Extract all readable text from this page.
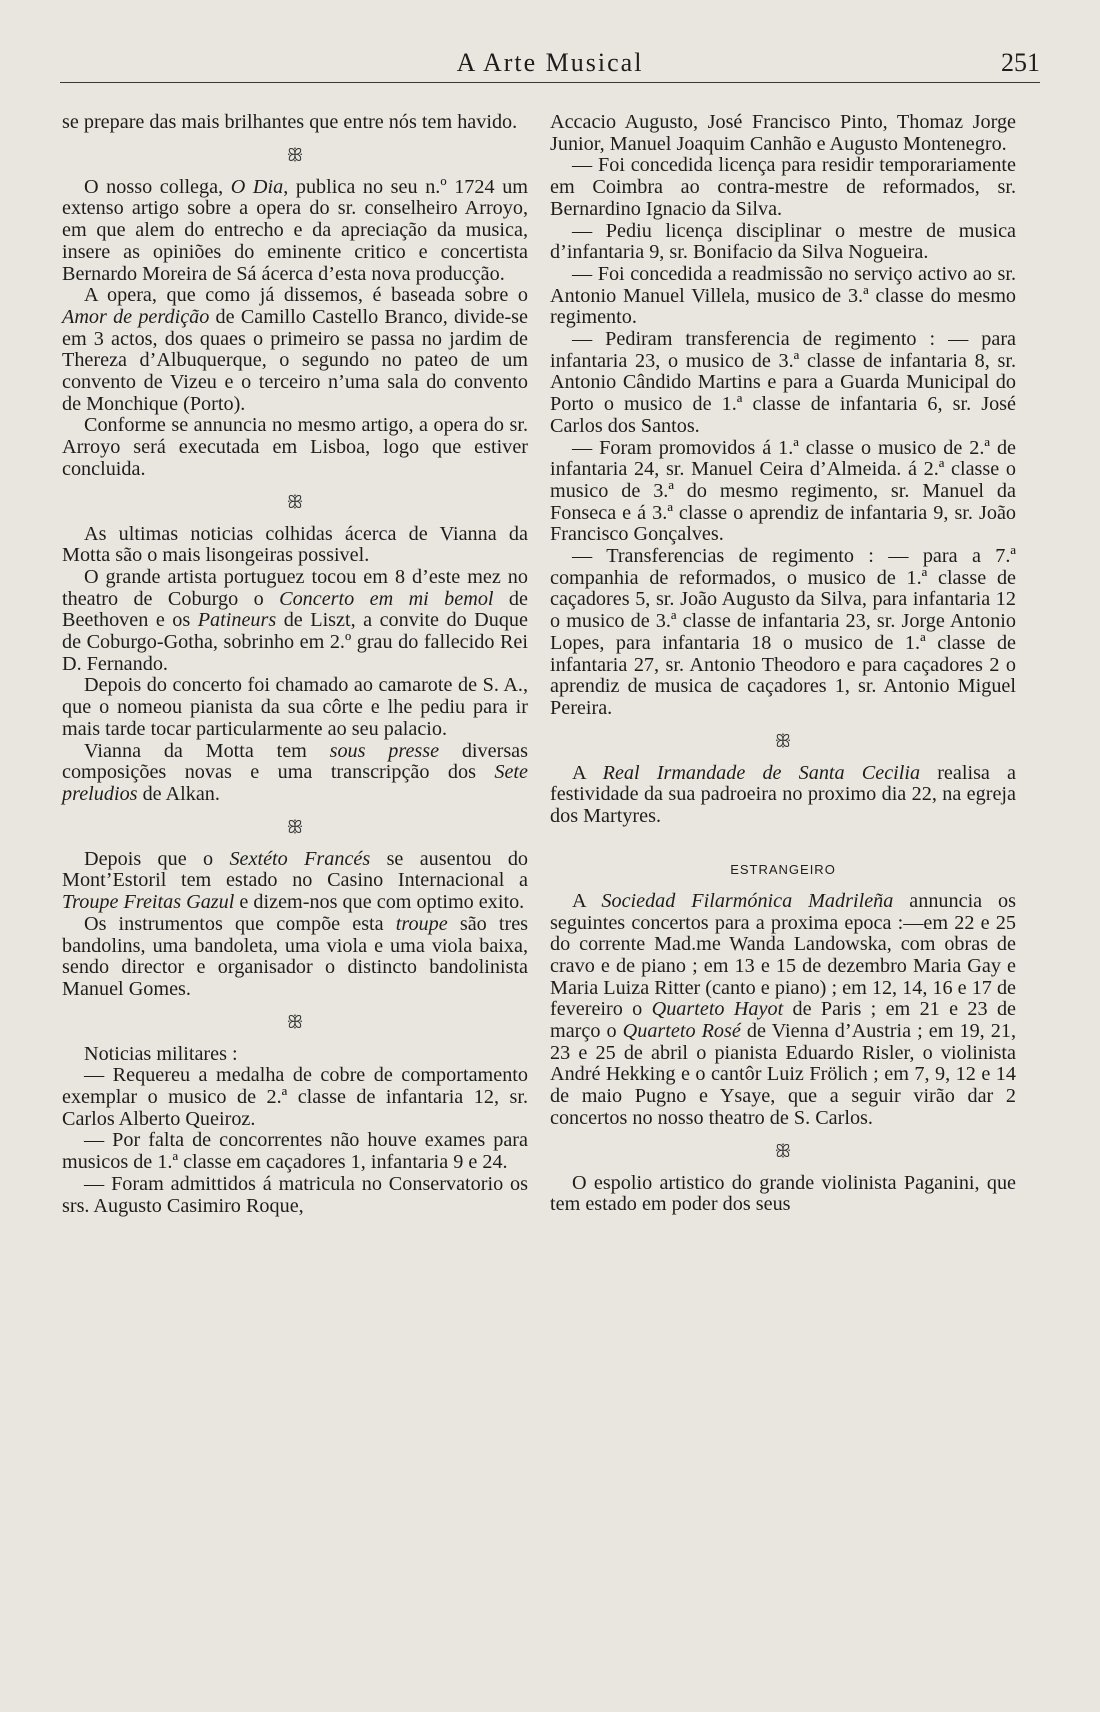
A Arte Musical	251

se prepare das mais brilhantes que entre nós tem havido.

ꕥ

O nosso collega, O Dia, publica no seu n.º 1724 um extenso artigo sobre a opera do sr. conselheiro Arroyo, em que alem do entrecho e da apreciação da musica, insere as opiniões do eminente critico e concertista Bernardo Moreira de Sá ácerca d’esta nova producção.

A opera, que como já dissemos, é baseada sobre o Amor de perdição de Camillo Castello Branco, divide-se em 3 actos, dos quaes o primeiro se passa no jardim de Thereza d’Albuquerque, o segundo no pateo de um convento de Vizeu e o terceiro n’uma sala do convento de Monchique (Porto).

Conforme se annuncia no mesmo artigo, a opera do sr. Arroyo será executada em Lisboa, logo que estiver concluida.

ꕥ

As ultimas noticias colhidas ácerca de Vianna da Motta são o mais lisongeiras possivel.

O grande artista portuguez tocou em 8 d’este mez no theatro de Coburgo o Concerto em mi bemol de Beethoven e os Patineurs de Liszt, a convite do Duque de Coburgo-Gotha, sobrinho em 2.º grau do fallecido Rei D. Fernando.

Depois do concerto foi chamado ao camarote de S. A., que o nomeou pianista da sua côrte e lhe pediu para ir mais tarde tocar particularmente ao seu palacio.

Vianna da Motta tem sous presse diversas composições novas e uma transcripção dos Sete preludios de Alkan.

ꕥ

Depois que o Sextéto Francés se ausentou do Mont’Estoril tem estado no Casino Internacional a Troupe Freitas Gazul e dizem-nos que com optimo exito.

Os instrumentos que compõe esta troupe são tres bandolins, uma bandoleta, uma viola e uma viola baixa, sendo director e organisador o distincto bandolinista Manuel Gomes.

ꕥ

Noticias militares :

— Requereu a medalha de cobre de comportamento exemplar o musico de 2.ª classe de infantaria 12, sr. Carlos Alberto Queiroz.

— Por falta de concorrentes não houve exames para musicos de 1.ª classe em caçadores 1, infantaria 9 e 24.

— Foram admittidos á matricula no Conservatorio os srs. Augusto Casimiro Roque,

Accacio Augusto, José Francisco Pinto, Thomaz Jorge Junior, Manuel Joaquim Canhão e Augusto Montenegro.

— Foi concedida licença para residir temporariamente em Coimbra ao contra-mestre de reformados, sr. Bernardino Ignacio da Silva.

— Pediu licença disciplinar o mestre de musica d’infantaria 9, sr. Bonifacio da Silva Nogueira.

— Foi concedida a readmissão no serviço activo ao sr. Antonio Manuel Villela, musico de 3.ª classe do mesmo regimento.

— Pediram transferencia de regimento : — para infantaria 23, o musico de 3.ª classe de infantaria 8, sr. Antonio Cândido Martins e para a Guarda Municipal do Porto o musico de 1.ª classe de infantaria 6, sr. José Carlos dos Santos.

— Foram promovidos á 1.ª classe o musico de 2.ª de infantaria 24, sr. Manuel Ceira d’Almeida. á 2.ª classe o musico de 3.ª do mesmo regimento, sr. Manuel da Fonseca e á 3.ª classe o aprendiz de infantaria 9, sr. João Francisco Gonçalves.

— Transferencias de regimento : — para a 7.ª companhia de reformados, o musico de 1.ª classe de caçadores 5, sr. João Augusto da Silva, para infantaria 12 o musico de 3.ª classe de infantaria 23, sr. Jorge Antonio Lopes, para infantaria 18 o musico de 1.ª classe de infantaria 27, sr. Antonio Theodoro e para caçadores 2 o aprendiz de musica de caçadores 1, sr. Antonio Miguel Pereira.

ꕥ

A Real Irmandade de Santa Cecilia realisa a festividade da sua padroeira no proximo dia 22, na egreja dos Martyres.

ESTRANGEIRO

A Sociedad Filarmónica Madrileña annuncia os seguintes concertos para a proxima epoca :—em 22 e 25 do corrente Mad.me Wanda Landowska, com obras de cravo e de piano ; em 13 e 15 de dezembro Maria Gay e Maria Luiza Ritter (canto e piano) ; em 12, 14, 16 e 17 de fevereiro o Quarteto Hayot de Paris ; em 21 e 23 de março o Quarteto Rosé de Vienna d’Austria ; em 19, 21, 23 e 25 de abril o pianista Eduardo Risler, o violinista André Hekking e o cantôr Luiz Frölich ; em 7, 9, 12 e 14 de maio Pugno e Ysaye, que a seguir virão dar 2 concertos no nosso theatro de S. Carlos.

ꕥ

O espolio artistico do grande violinista Paganini, que tem estado em poder dos seus
